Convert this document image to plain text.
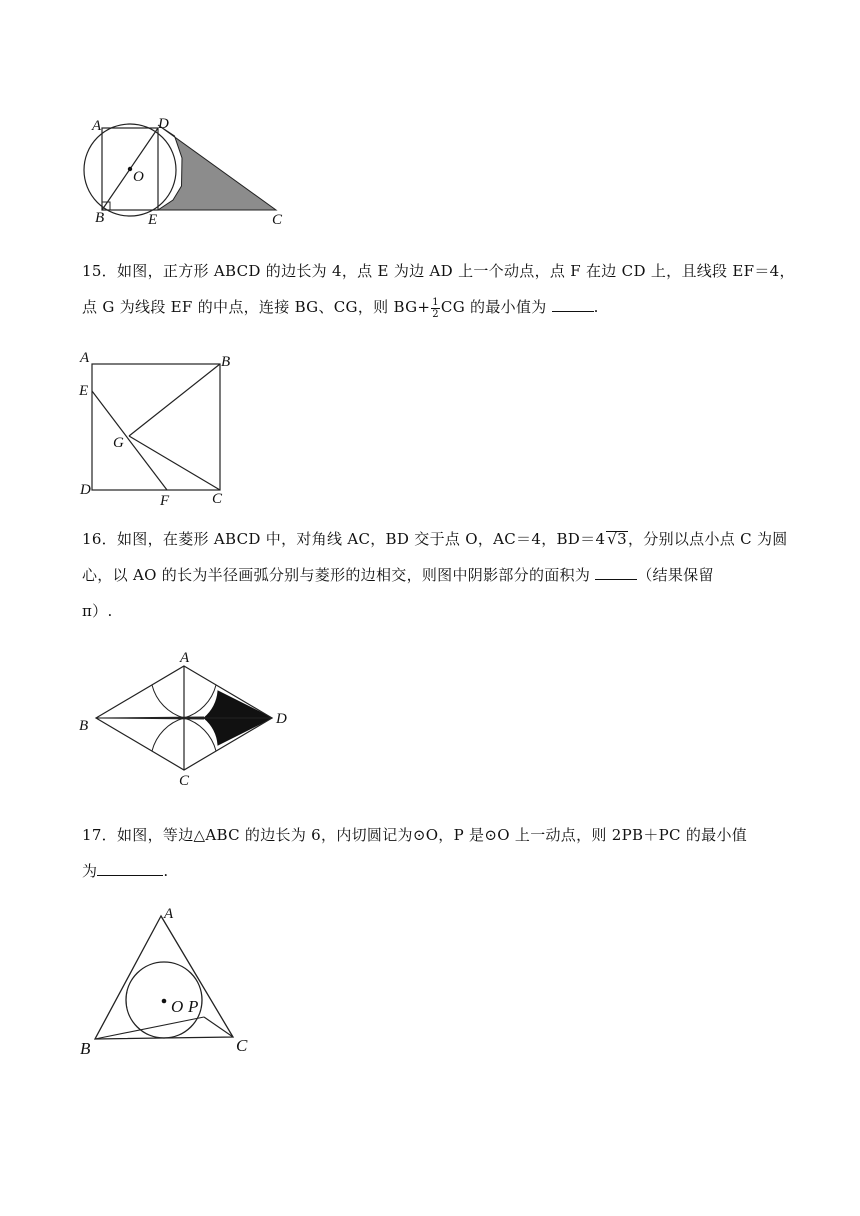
A	D
O
B	E	C

15．如图，正方形 ABCD 的边长为 4，点 E 为边 AD 上一个动点，点 F 在边 CD 上，且线段 EF＝4，

点 G 为线段 EF 的中点，连接 BG、CG，则 $BG+ \frac{1}{2}$ CG 的最小值为	.

A	B
E
G
D
F	C

16．如图，在菱形 ABCD 中，对角线 AC，BD 交于点 O，AC＝4，BD＝4 √3，分别以点小点 C 为圆

心，以 AO 的长为半径画弧分别与菱形的边相交，则图中阴影部分的面积为	（结果保留

π）.

A
B
C
D

17．如图，等边△ABC 的边长为 6，内切圆记为⊙O，P 是⊙O 上一动点，则 2PB＋PC 的最小值

为	.

A
O P
B	C
